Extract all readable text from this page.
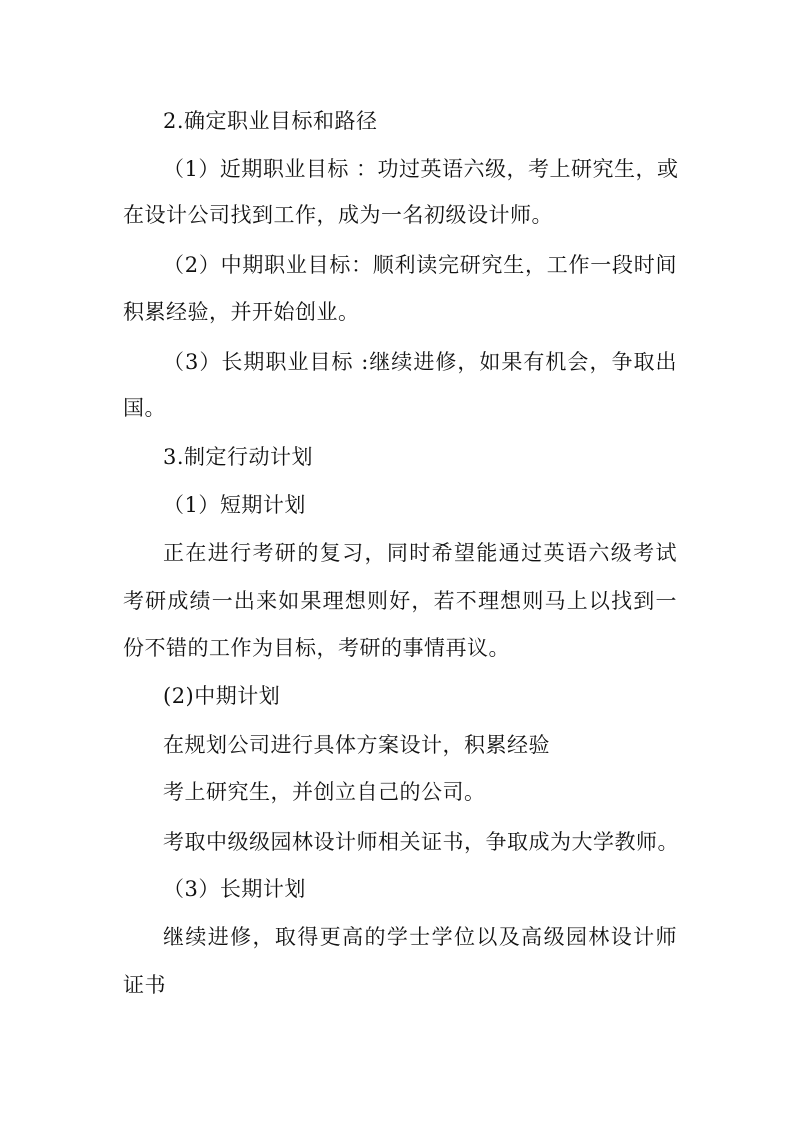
2.确定职业目标和路径
（1）近期职业目标 ：功过英语六级，考上研究生，或
在设计公司找到工作，成为一名初级设计师。
（2）中期职业目标：顺利读完研究生，工作一段时间
积累经验，并开始创业。
（3）长期职业目标 :继续进修，如果有机会，争取出
国。
3.制定行动计划
（1）短期计划
正在进行考研的复习，同时希望能通过英语六级考试
考研成绩一出来如果理想则好，若不理想则马上以找到一
份不错的工作为目标，考研的事情再议。
(2)中期计划
在规划公司进行具体方案设计，积累经验
考上研究生，并创立自己的公司。
考取中级级园林设计师相关证书，争取成为大学教师。
（3）长期计划
继续进修，取得更高的学士学位以及高级园林设计师
证书
